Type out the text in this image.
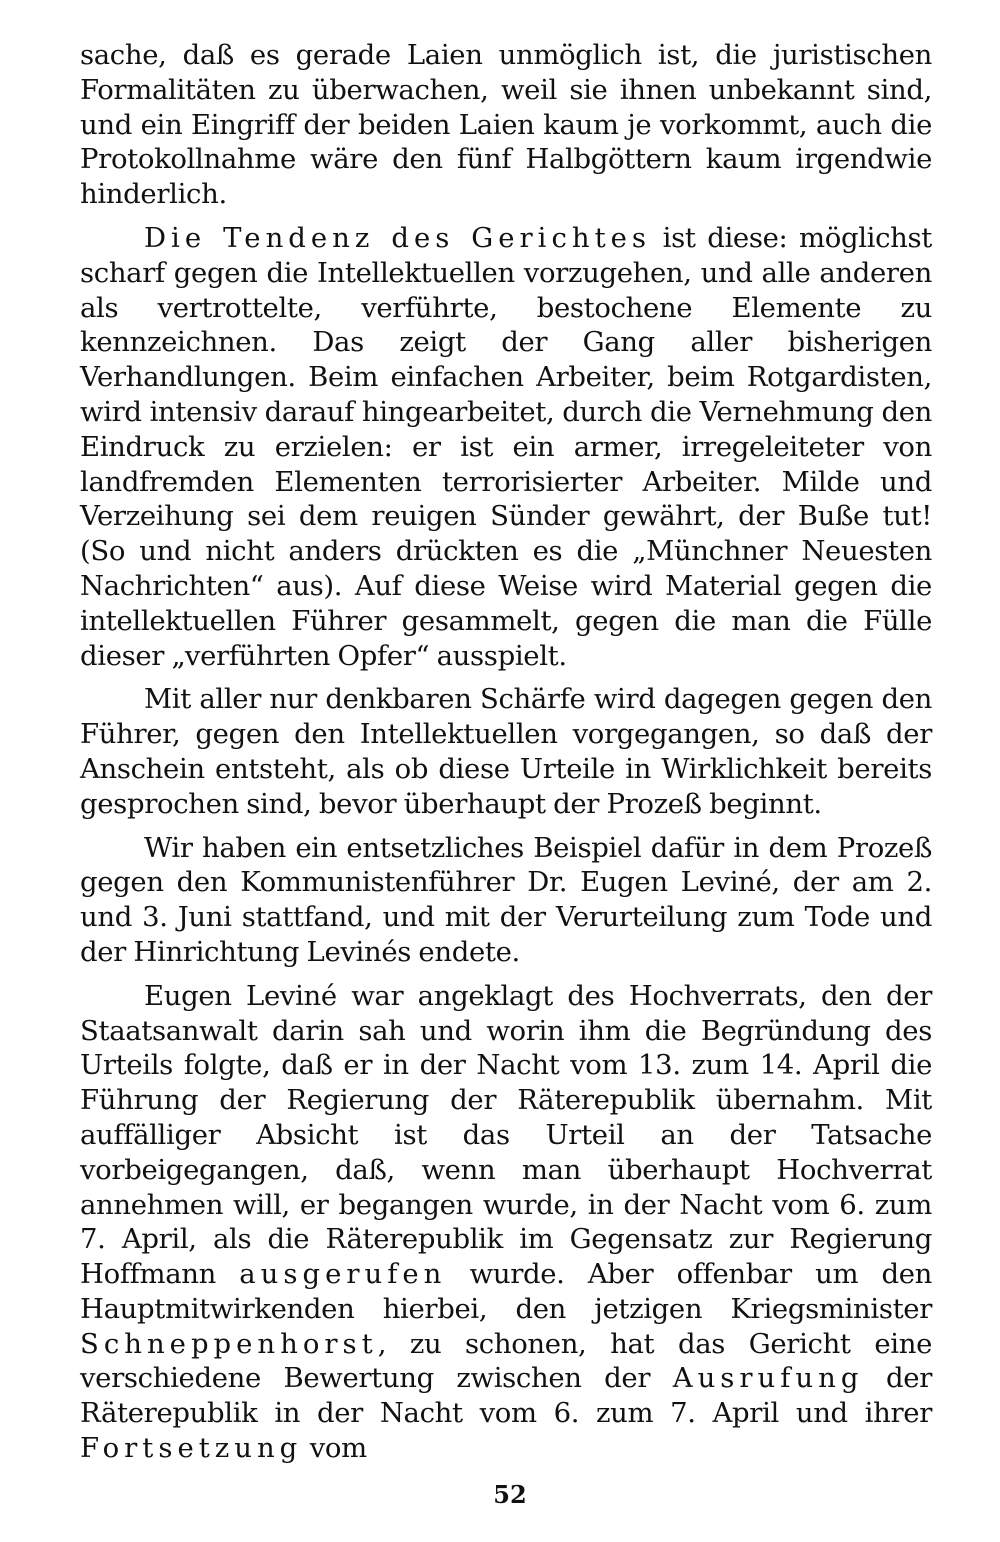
sache, daß es gerade Laien unmöglich ist, die juristischen Formalitäten zu überwachen, weil sie ihnen unbekannt sind, und ein Eingriff der beiden Laien kaum je vorkommt, auch die Protokollnahme wäre den fünf Halbgöttern kaum irgendwie hinderlich.

Die Tendenz des Gerichtes ist diese: möglichst scharf gegen die Intellektuellen vorzugehen, und alle anderen als vertrottelte, verführte, bestochene Elemente zu kennzeichnen. Das zeigt der Gang aller bisherigen Verhandlungen. Beim einfachen Arbeiter, beim Rotgardisten, wird intensiv darauf hingearbeitet, durch die Vernehmung den Eindruck zu erzielen: er ist ein armer, irregeleiteter von landfremden Elementen terrorisierter Arbeiter. Milde und Verzeihung sei dem reuigen Sünder gewährt, der Buße tut! (So und nicht anders drückten es die „Münchner Neuesten Nachrichten“ aus). Auf diese Weise wird Material gegen die intellektuellen Führer gesammelt, gegen die man die Fülle dieser „verführten Opfer“ ausspielt.

Mit aller nur denkbaren Schärfe wird dagegen gegen den Führer, gegen den Intellektuellen vorgegangen, so daß der Anschein entsteht, als ob diese Urteile in Wirklichkeit bereits gesprochen sind, bevor überhaupt der Prozeß beginnt.

Wir haben ein entsetzliches Beispiel dafür in dem Prozeß gegen den Kommunistenführer Dr. Eugen Leviné, der am 2. und 3. Juni stattfand, und mit der Verurteilung zum Tode und der Hinrichtung Levinés endete.

Eugen Leviné war angeklagt des Hochverrats, den der Staatsanwalt darin sah und worin ihm die Begründung des Urteils folgte, daß er in der Nacht vom 13. zum 14. April die Führung der Regierung der Räterepublik übernahm. Mit auffälliger Absicht ist das Urteil an der Tatsache vorbeigegangen, daß, wenn man überhaupt Hochverrat annehmen will, er begangen wurde, in der Nacht vom 6. zum 7. April, als die Räterepublik im Gegensatz zur Regierung Hoffmann ausgerufen wurde. Aber offenbar um den Hauptmitwirkenden hierbei, den jetzigen Kriegsminister Schneppenhorst, zu schonen, hat das Gericht eine verschiedene Bewertung zwischen der Ausrufung der Räterepublik in der Nacht vom 6. zum 7. April und ihrer Fortsetzung vom

52
